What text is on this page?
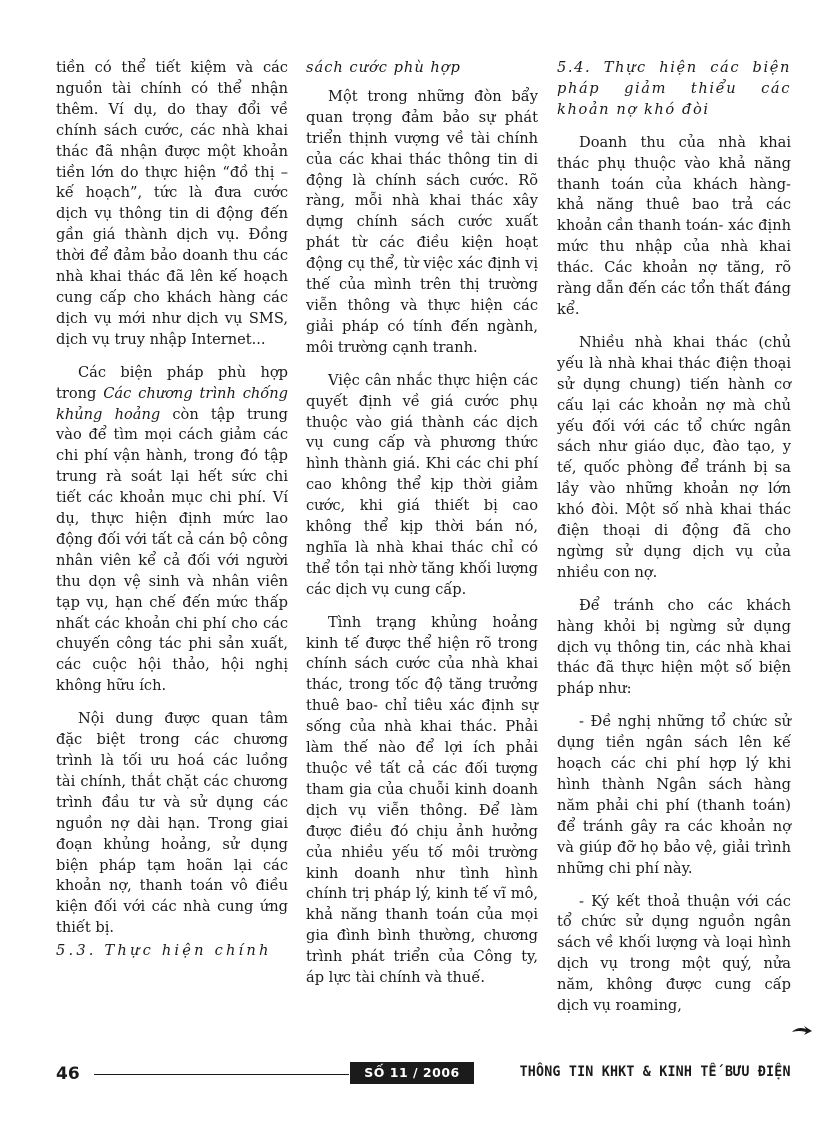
tiền có thể tiết kiệm và các nguồn tài chính có thể nhận thêm. Ví dụ, do thay đổi về chính sách cước, các nhà khai thác đã nhận được một khoản tiền lớn do thực hiện “đồ thị – kế hoạch”, tức là đưa cước dịch vụ thông tin di động đến gần giá thành dịch vụ. Đồng thời để đảm bảo doanh thu các nhà khai thác đã lên kế hoạch cung cấp cho khách hàng các dịch vụ mới như dịch vụ SMS, dịch vụ truy nhập Internet...

Các biện pháp phù hợp trong Các chương trình chống khủng hoảng còn tập trung vào để tìm mọi cách giảm các chi phí vận hành, trong đó tập trung rà soát lại hết sức chi tiết các khoản mục chi phí. Ví dụ, thực hiện định mức lao động đối với tất cả cán bộ công nhân viên kể cả đối với người thu dọn vệ sinh và nhân viên tạp vụ, hạn chế đến mức thấp nhất các khoản chi phí cho các chuyến công tác phi sản xuất, các cuộc hội thảo, hội nghị không hữu ích.

Nội dung được quan tâm đặc biệt trong các chương trình là tối ưu hoá các luồng tài chính, thắt chặt các chương trình đầu tư và sử dụng các nguồn nợ dài hạn. Trong giai đoạn khủng hoảng, sử dụng biện pháp tạm hoãn lại các khoản nợ, thanh toán vô điều kiện đối với các nhà cung ứng thiết bị.

5.3. Thực hiện chính
sách cước phù hợp

Một trong những đòn bẩy quan trọng đảm bảo sự phát triển thịnh vượng về tài chính của các khai thác thông tin di động là chính sách cước. Rõ ràng, mỗi nhà khai thác xây dựng chính sách cước xuất phát từ các điều kiện hoạt động cụ thể, từ việc xác định vị thế của mình trên thị trường viễn thông và thực hiện các giải pháp có tính đến ngành, môi trường cạnh tranh.

Việc cân nhắc thực hiện các quyết định về giá cước phụ thuộc vào giá thành các dịch vụ cung cấp và phương thức hình thành giá. Khi các chi phí cao không thể kịp thời giảm cước, khi giá thiết bị cao không thể kịp thời bán nó, nghĩa là nhà khai thác chỉ có thể tồn tại nhờ tăng khối lượng các dịch vụ cung cấp.

Tình trạng khủng hoảng kinh tế được thể hiện rõ trong chính sách cước của nhà khai thác, trong tốc độ tăng trưởng thuê bao- chỉ tiêu xác định sự sống của nhà khai thác. Phải làm thế nào để lợi ích phải thuộc về tất cả các đối tượng tham gia của chuỗi kinh doanh dịch vụ viễn thông. Để làm được điều đó chịu ảnh hưởng của nhiều yếu tố môi trường kinh doanh như tình hình chính trị pháp lý, kinh tế vĩ mô, khả năng thanh toán của mọi gia đình bình thường, chương trình phát triển của Công ty, áp lực tài chính và thuế.

5.4. Thực hiện các biện pháp giảm thiểu các khoản nợ khó đòi

Doanh thu của nhà khai thác phụ thuộc vào khả năng thanh toán của khách hàng- khả năng thuê bao trả các khoản cần thanh toán- xác định mức thu nhập của nhà khai thác. Các khoản nợ tăng, rõ ràng dẫn đến các tổn thất đáng kể.

Nhiều nhà khai thác (chủ yếu là nhà khai thác điện thoại sử dụng chung) tiến hành cơ cấu lại các khoản nợ mà chủ yếu đối với các tổ chức ngân sách như giáo dục, đào tạo, y tế, quốc phòng để tránh bị sa lầy vào những khoản nợ lớn khó đòi. Một số nhà khai thác điện thoại di động đã cho ngừng sử dụng dịch vụ của nhiều con nợ.

Để tránh cho các khách hàng khỏi bị ngừng sử dụng dịch vụ thông tin, các nhà khai thác đã thực hiện một số biện pháp như:

- Đề nghị những tổ chức sử dụng tiền ngân sách lên kế hoạch các chi phí hợp lý khi hình thành Ngân sách hàng năm phải chi phí (thanh toán) để tránh gây ra các khoản nợ và giúp đỡ họ bảo vệ, giải trình những chi phí này.

- Ký kết thoả thuận với các tổ chức sử dụng nguồn ngân sách về khối lượng và loại hình dịch vụ trong một quý, nửa năm, không được cung cấp dịch vụ roaming,

46	SỐ 11 / 2006	THÔNG TIN KHKT & KINH TẾ BƯU ĐIỆN
